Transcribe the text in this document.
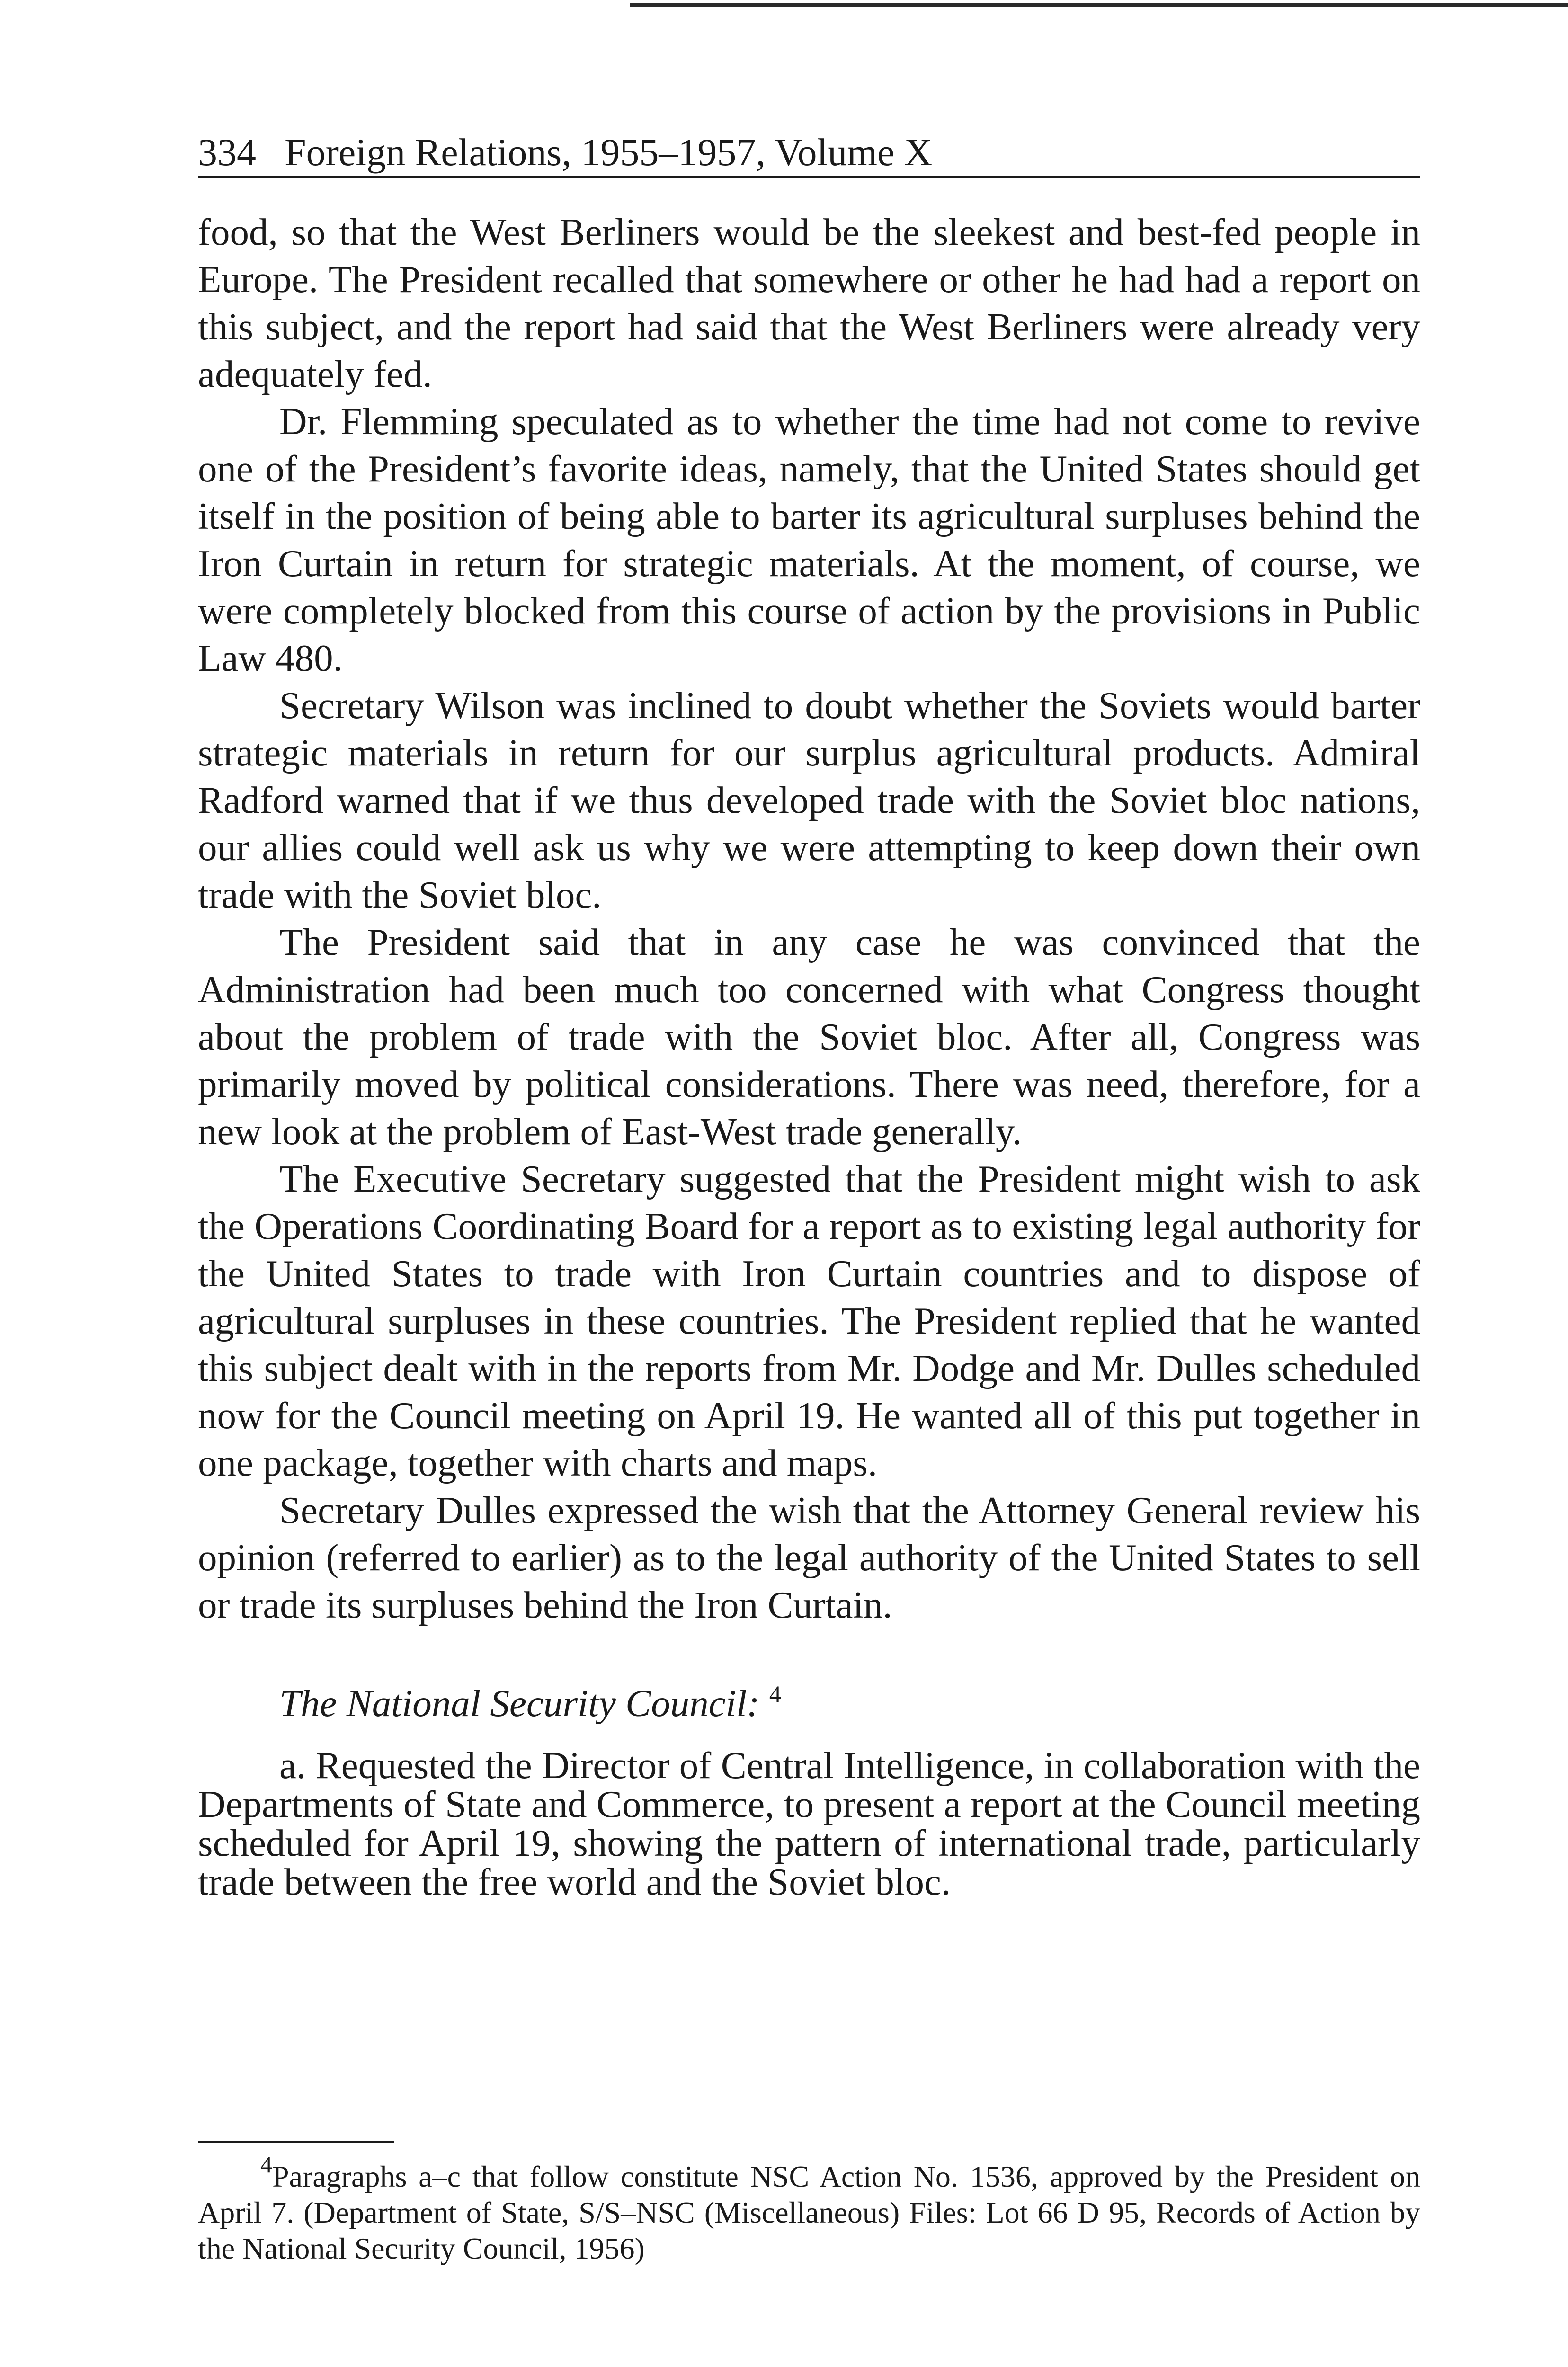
334 Foreign Relations, 1955–1957, Volume X

food, so that the West Berliners would be the sleekest and best-fed people in Europe. The President recalled that somewhere or other he had had a report on this subject, and the report had said that the West Berliners were already very adequately fed.

Dr. Flemming speculated as to whether the time had not come to revive one of the President’s favorite ideas, namely, that the United States should get itself in the position of being able to barter its agricultural surpluses behind the Iron Curtain in return for strategic materials. At the moment, of course, we were completely blocked from this course of action by the provisions in Public Law 480.

Secretary Wilson was inclined to doubt whether the Soviets would barter strategic materials in return for our surplus agricultural products. Admiral Radford warned that if we thus developed trade with the Soviet bloc nations, our allies could well ask us why we were attempting to keep down their own trade with the Soviet bloc.

The President said that in any case he was convinced that the Administration had been much too concerned with what Congress thought about the problem of trade with the Soviet bloc. After all, Congress was primarily moved by political considerations. There was need, therefore, for a new look at the problem of East-West trade generally.

The Executive Secretary suggested that the President might wish to ask the Operations Coordinating Board for a report as to existing legal authority for the United States to trade with Iron Curtain countries and to dispose of agricultural surpluses in these countries. The President replied that he wanted this subject dealt with in the reports from Mr. Dodge and Mr. Dulles scheduled now for the Council meeting on April 19. He wanted all of this put together in one package, together with charts and maps.

Secretary Dulles expressed the wish that the Attorney General review his opinion (referred to earlier) as to the legal authority of the United States to sell or trade its surpluses behind the Iron Curtain.

The National Security Council: $^4$

a. Requested the Director of Central Intelligence, in collaboration with the Departments of State and Commerce, to present a report at the Council meeting scheduled for April 19, showing the pattern of international trade, particularly trade between the free world and the Soviet bloc.

$^4$Paragraphs a–c that follow constitute NSC Action No. 1536, approved by the President on April 7. (Department of State, S/S–NSC (Miscellaneous) Files: Lot 66 D 95, Records of Action by the National Security Council, 1956)
